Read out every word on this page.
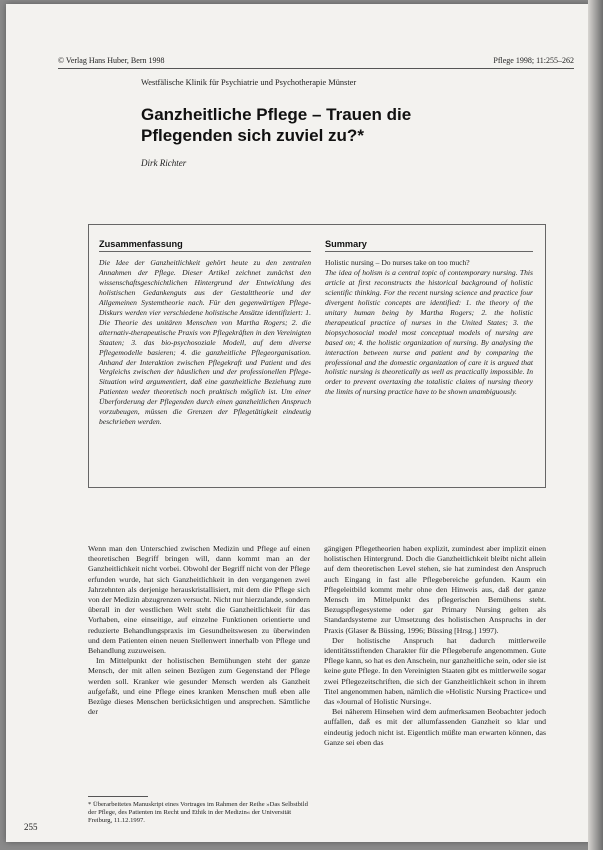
© Verlag Hans Huber, Bern 1998	Pflege 1998; 11:255–262
Westfälische Klinik für Psychiatrie und Psychotherapie Münster
Ganzheitliche Pflege – Trauen die Pflegenden sich zuviel zu?*
Dirk Richter
Zusammenfassung
Die Idee der Ganzheitlichkeit gehört heute zu den zentralen Annahmen der Pflege. Dieser Artikel zeichnet zunächst den wissenschaftsgeschichtlichen Hintergrund der Entwicklung des holistischen Gedankenguts aus der Gestalttheorie und der Allgemeinen Systemtheorie nach. Für den gegenwärtigen Pflege-Diskurs werden vier verschiedene holistische Ansätze identifiziert: 1. Die Theorie des unitären Menschen von Martha Rogers; 2. die alternativ-therapeutische Praxis von Pflegekräften in den Vereinigten Staaten; 3. das bio-psychosoziale Modell, auf dem diverse Pflegemodelle basieren; 4. die ganzheitliche Pflegeorganisation. Anhand der Interaktion zwischen Pflegekraft und Patient und des Vergleichs zwischen der häuslichen und der professionellen Pflege-Situation wird argumentiert, daß eine ganzheitliche Beziehung zum Patienten weder theoretisch noch praktisch möglich ist. Um einer Überforderung der Pflegenden durch einen ganzheitlichen Anspruch vorzubeugen, müssen die Grenzen der Pflegetätigkeit eindeutig beschrieben werden.
Summary
Holistic nursing – Do nurses take on too much?
The idea of holism is a central topic of contemporary nursing. This article at first reconstructs the historical background of holistic scientific thinking. For the recent nursing science and practice four divergent holistic concepts are identified: 1. the theory of the unitary human being by Martha Rogers; 2. the holistic therapeutical practice of nurses in the United States; 3. the biopsychosocial model most conceptual models of nursing are based on; 4. the holistic organization of nursing. By analysing the interaction between nurse and patient and by comparing the professional and the domestic organization of care it is argued that holistic nursing is theoretically as well as practically impossible. In order to prevent overtaxing the totalistic claims of nursing theory the limits of nursing practice have to be shown unambiguously.

Wenn man den Unterschied zwischen Medizin und Pflege auf einen theoretischen Begriff bringen will, dann kommt man an der Ganzheitlichkeit nicht vorbei. Obwohl der Begriff nicht von der Pflege erfunden wurde, hat sich Ganzheitlichkeit in den vergangenen zwei Jahrzehnten als derjenige herauskristallisiert, mit dem die Pflege sich von der Medizin abzugrenzen versucht. Nicht nur hierzulande, sondern überall in der westlichen Welt steht die Ganzheitlichkeit für das Vorhaben, eine einseitige, auf einzelne Funktionen orientierte und reduzierte Behandlungspraxis im Gesundheitswesen zu überwinden und dem Patienten einen neuen Stellenwert innerhalb von Pflege und Behandlung zuzuweisen.

Im Mittelpunkt der holistischen Bemühungen steht der ganze Mensch, der mit allen seinen Bezügen zum Gegenstand der Pflege werden soll. Kranker wie gesunder Mensch werden als Ganzheit aufgefaßt, und eine Pflege eines kranken Menschen muß eben alle Bezüge dieses Menschen berücksichtigen und ansprechen. Sämtliche der

gängigen Pflegetheorien haben explizit, zumindest aber implizit einen holistischen Hintergrund. Doch die Ganzheitlichkeit bleibt nicht allein auf dem theoretischen Level stehen, sie hat zumindest den Anspruch auch Eingang in fast alle Pflegebereiche gefunden. Kaum ein Pflegeleitbild kommt mehr ohne den Hinweis aus, daß der ganze Mensch im Mittelpunkt des pflegerischen Bemühens steht. Bezugspflegesysteme oder gar Primary Nursing gelten als Standardsysteme zur Umsetzung des holistischen Anspruchs in der Praxis (Glaser & Büssing, 1996; Büssing [Hrsg.] 1997).

Der holistische Anspruch hat dadurch mittlerweile identitätsstiftenden Charakter für die Pflegeberufe angenommen. Gute Pflege kann, so hat es den Anschein, nur ganzheitliche sein, oder sie ist keine gute Pflege. In den Vereinigten Staaten gibt es mittlerweile sogar zwei Pflegezeitschriften, die sich der Ganzheitlichkeit schon in ihrem Titel angenommen haben, nämlich die »Holistic Nursing Practice« und das »Journal of Holistic Nursing«.

Bei näherem Hinsehen wird dem aufmerksamen Beobachter jedoch auffallen, daß es mit der allumfassenden Ganzheit so klar und eindeutig jedoch nicht ist. Eigentlich müßte man erwarten können, das Ganze sei eben das

* Überarbeitetes Manuskript eines Vortrages im Rahmen der Reihe »Das Selbstbild der Pflege, des Patienten im Recht und Ethik in der Medizin« der Universität Freiburg, 11.12.1997.
255
